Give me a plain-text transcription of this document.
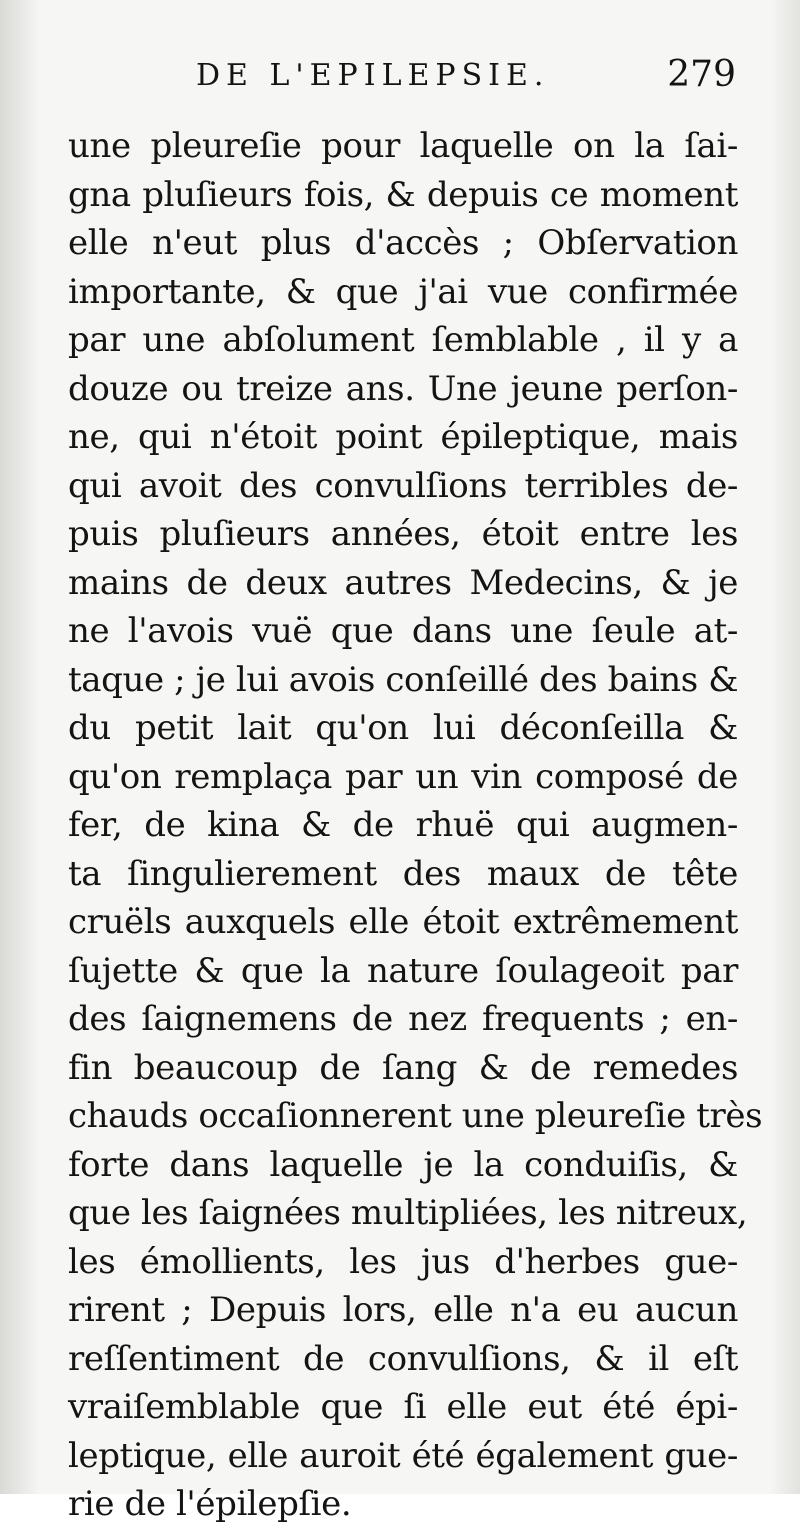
DE L'EPILEPSIE.	279
une pleureſie pour laquelle on la ſai-
gna pluſieurs fois, & depuis ce moment
elle n'eut plus d'accès ; Obſervation
importante, & que j'ai vue confirmée
par une abſolument ſemblable , il y a
douze ou treize ans. Une jeune perſon-
ne, qui n'étoit point épileptique, mais
qui avoit des convulſions terribles de-
puis pluſieurs années, étoit entre les
mains de deux autres Medecins, & je
ne l'avois vuë que dans une ſeule at-
taque ; je lui avois conſeillé des bains &
du petit lait qu'on lui déconſeilla &
qu'on remplaça par un vin composé de
fer, de kina & de rhuë qui augmen-
ta ſingulierement des maux de tête
cruëls auxquels elle étoit extrêmement
ſujette & que la nature ſoulageoit par
des ſaignemens de nez frequents ; en-
fin beaucoup de ſang & de remedes
chauds occaſionnerent une pleureſie très
forte dans laquelle je la conduiſis, &
que les ſaignées multipliées, les nitreux,
les émollients, les jus d'herbes gue-
rirent ; Depuis lors, elle n'a eu aucun
reſſentiment de convulſions, & il eſt
vraiſemblable que ſi elle eut été épi-
leptique, elle auroit été également gue-
rie de l'épilepſie.
